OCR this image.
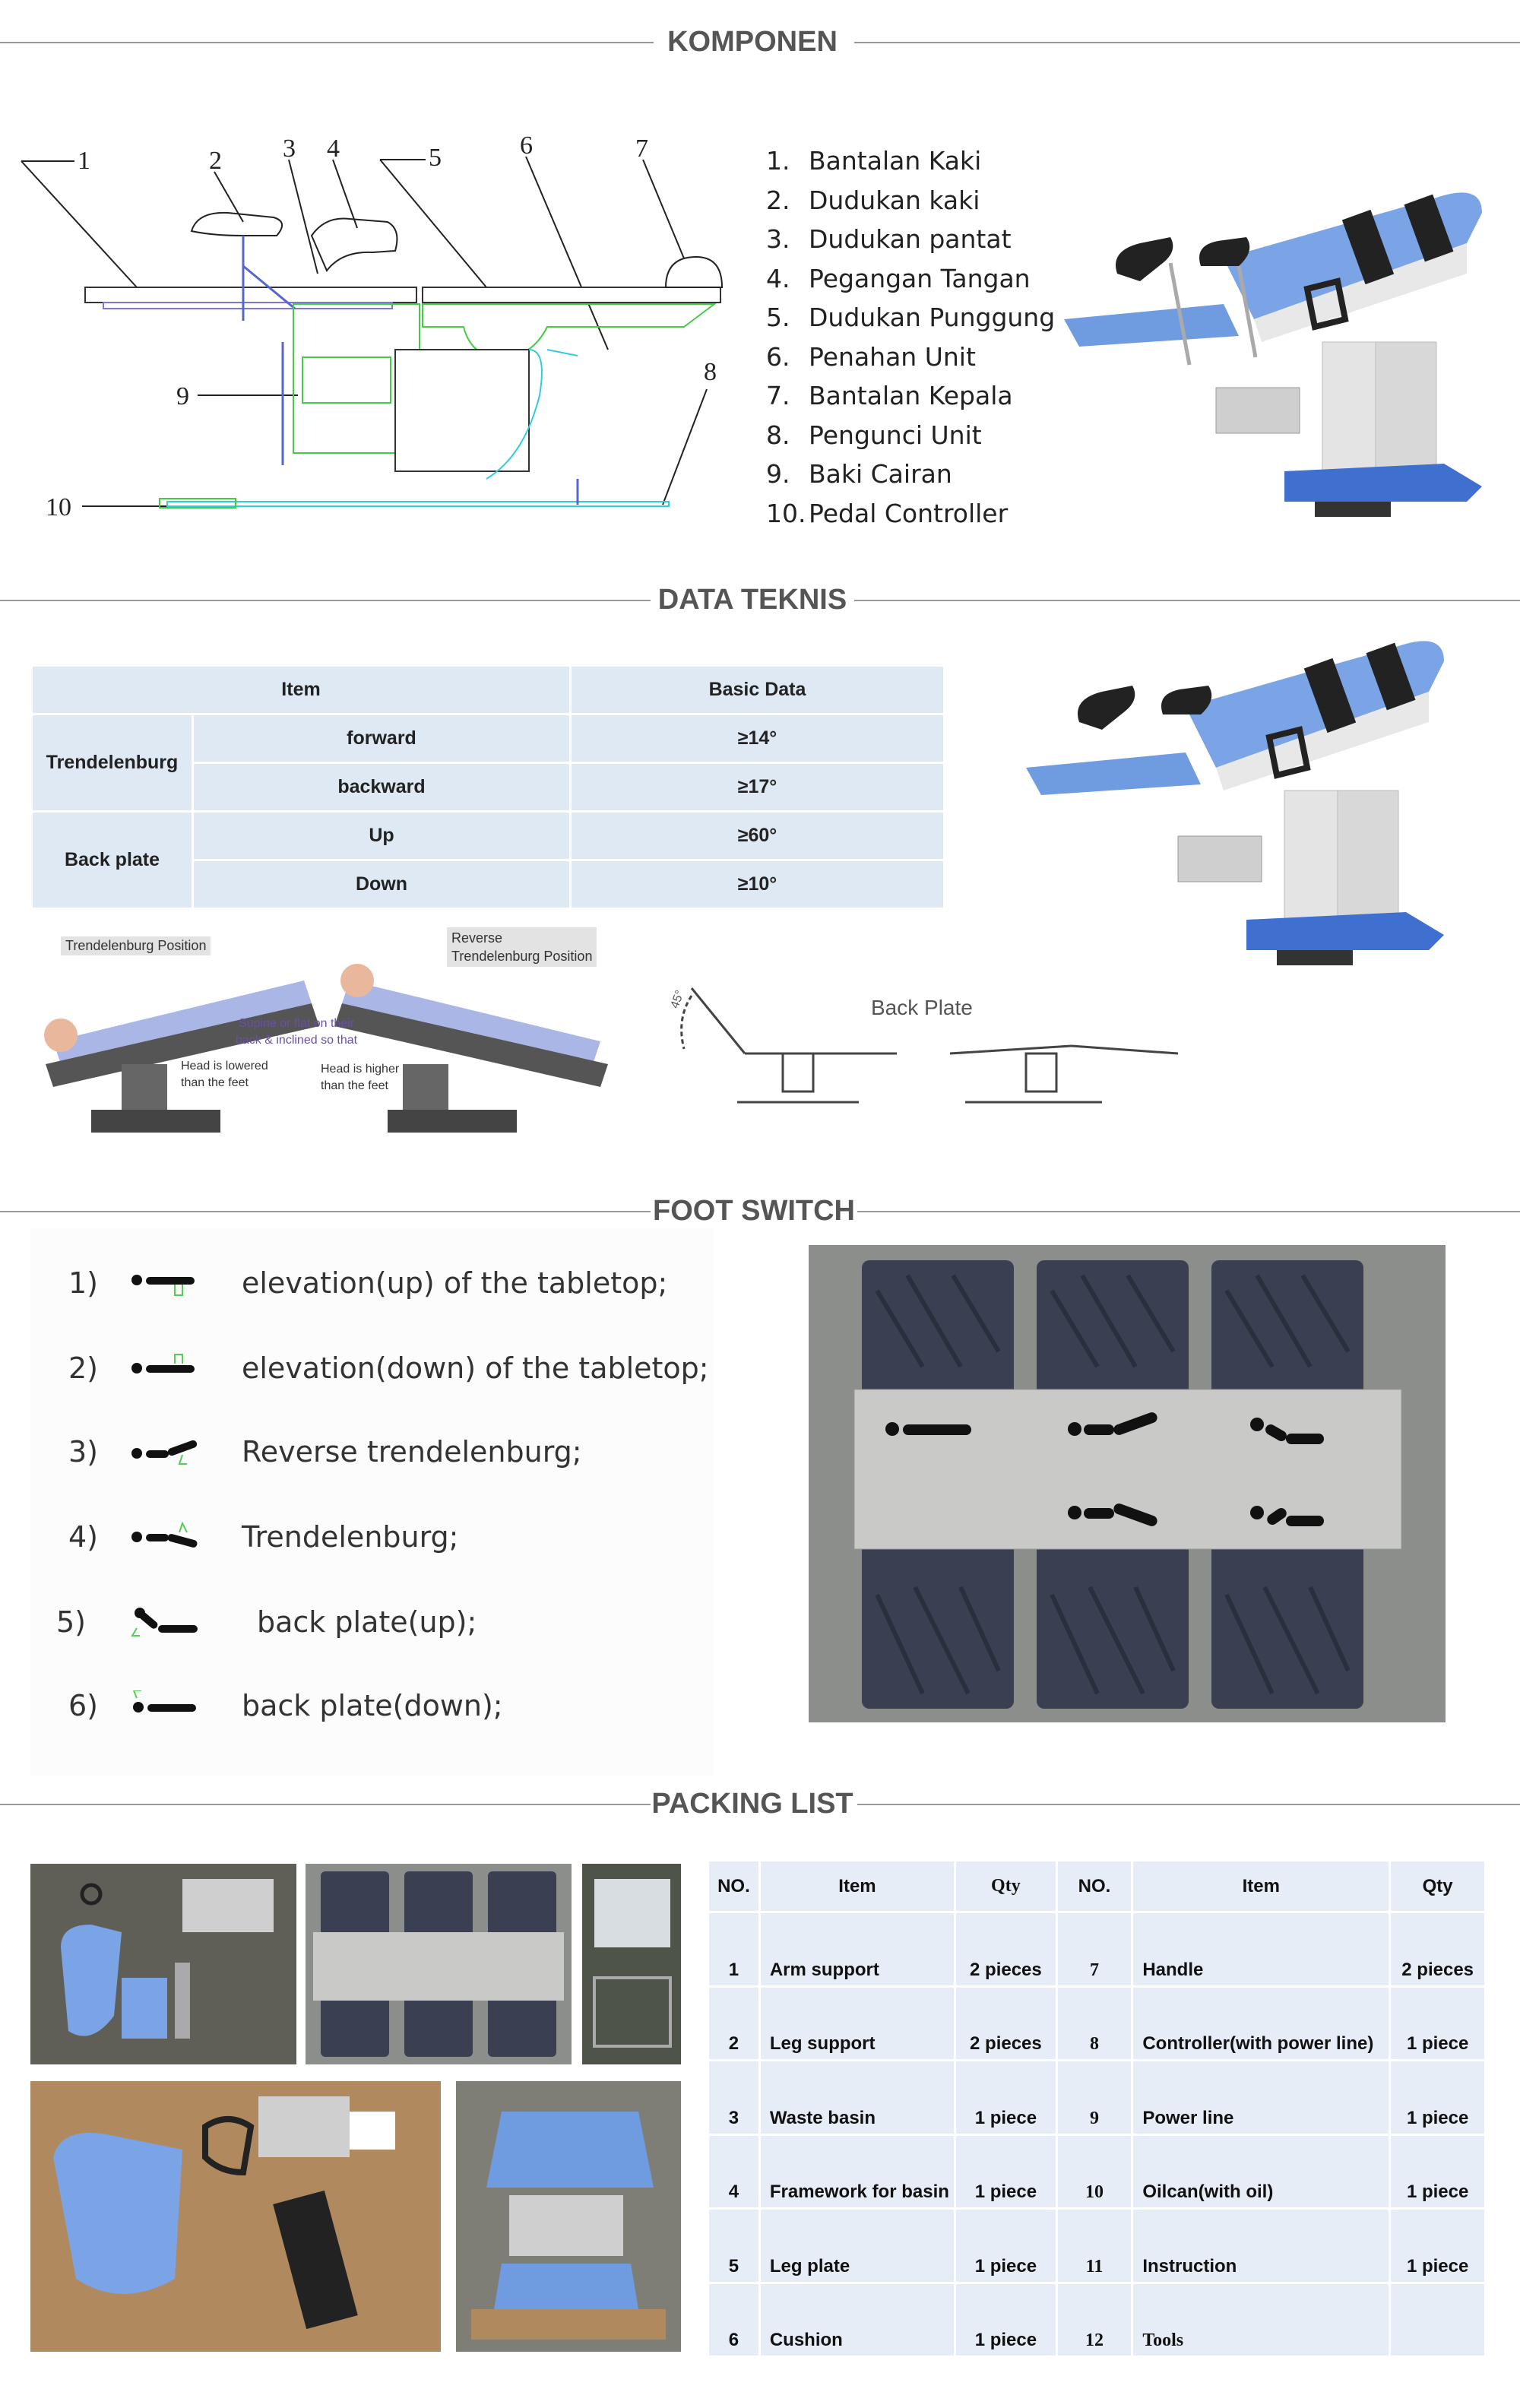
KOMPONEN
DATA TEKNIS
FOOT SWITCH
PACKING LIST
1	2 3 4	5	6	7
8
9
10
1. Bantalan Kaki
2. Dudukan kaki
3. Dudukan pantat
4. Pegangan Tangan
5. Dudukan Punggung
6. Penahan Unit
7. Bantalan Kepala
8. Pengunci Unit
9. Baki Cairan
10. Pedal Controller
Item		Basic Data
Trendelenburg	forward	≥14°
	backward	≥17°
Back plate	Up	≥60°
	Down	≥10°
Trendelenburg Position	Reverse
Trendelenburg Position
Supine or flat on their
back & inclined so that
Head is lowered
than the feet
Head is higher
than the feet
Back Plate
45°
1)	elevation(up) of the tabletop;
2)	elevation(down) of the tabletop;
3)	Reverse trendelenburg;
4)	Trendelenburg;
5)	back plate(up);
6)	back plate(down);
NO.	Item	Qty	NO.	Item	Qty
1	Arm support	2 pieces	7	Handle	2 pieces
2	Leg support	2 pieces	8	Controller(with power line)	1 piece
3	Waste basin	1 piece	9	Power line	1 piece
4	Framework for basin	1 piece	10	Oilcan(with oil)	1 piece
5	Leg plate	1 piece	11	Instruction	1 piece
6	Cushion	1 piece	12	Tools	
